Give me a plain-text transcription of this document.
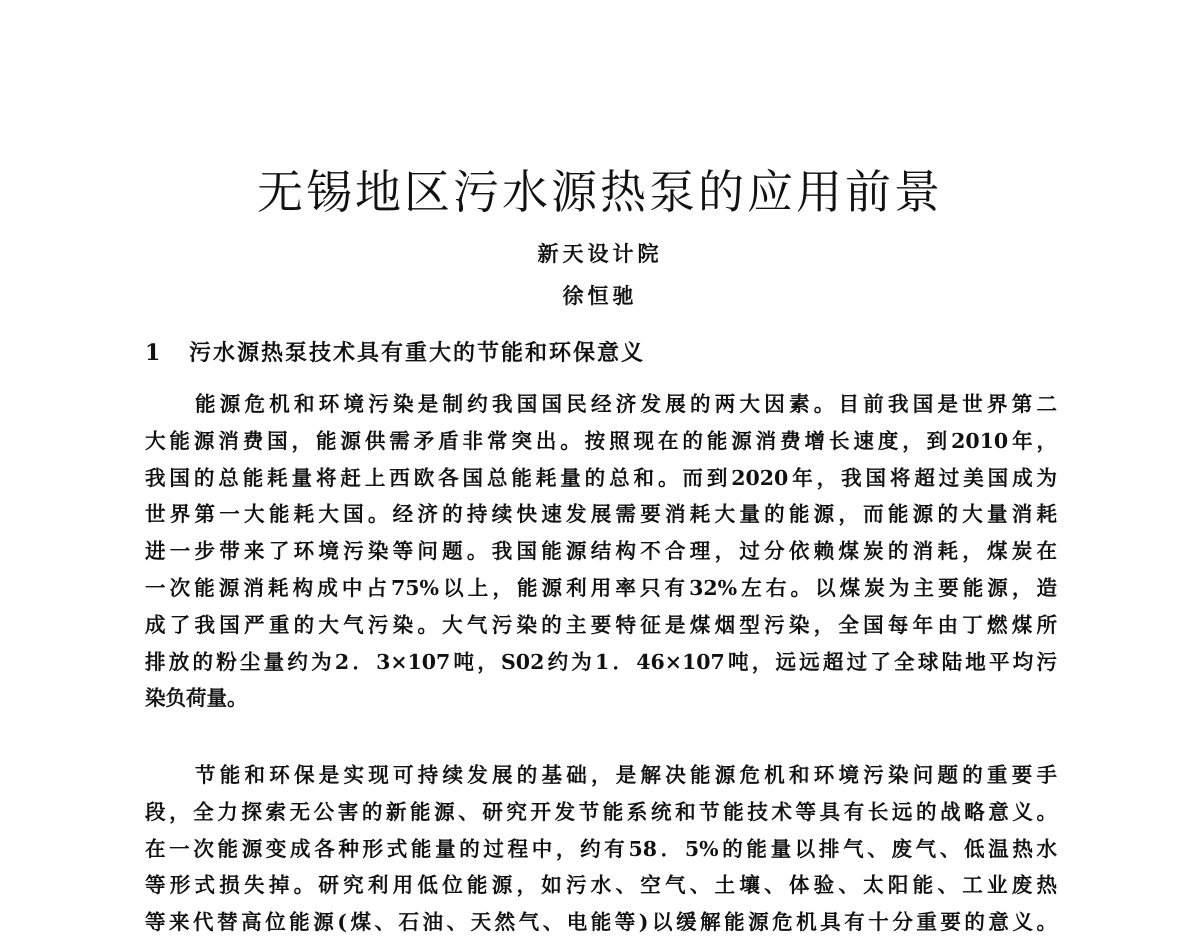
无锡地区污水源热泵的应用前景
新天设计院
徐恒驰
1 污水源热泵技术具有重大的节能和环保意义
能源危机和环境污染是制约我国国民经济发展的两大因素。目前我国是世界第二
大能源消费国，能源供需矛盾非常突出。按照现在的能源消费增长速度，到2010年，
我国的总能耗量将赶上西欧各国总能耗量的总和。而到2020年，我国将超过美国成为
世界第一大能耗大国。经济的持续快速发展需要消耗大量的能源，而能源的大量消耗
进一步带来了环境污染等问题。我国能源结构不合理，过分依赖煤炭的消耗，煤炭在
一次能源消耗构成中占75%以上，能源利用率只有32%左右。以煤炭为主要能源，造
成了我国严重的大气污染。大气污染的主要特征是煤烟型污染，全国每年由丁燃煤所
排放的粉尘量约为2．3×107吨，S02约为1．46×107吨，远远超过了全球陆地平均污
染负荷量。
节能和环保是实现可持续发展的基础，是解决能源危机和环境污染问题的重要手
段，全力探索无公害的新能源、研究开发节能系统和节能技术等具有长远的战略意义。
在一次能源变成各种形式能量的过程中，约有58．5%的能量以排气、废气、低温热水
等形式损失掉。研究利用低位能源，如污水、空气、土壤、体验、太阳能、工业废热
等来代替高位能源(煤、石油、天然气、电能等)以缓解能源危机具有十分重要的意义。
